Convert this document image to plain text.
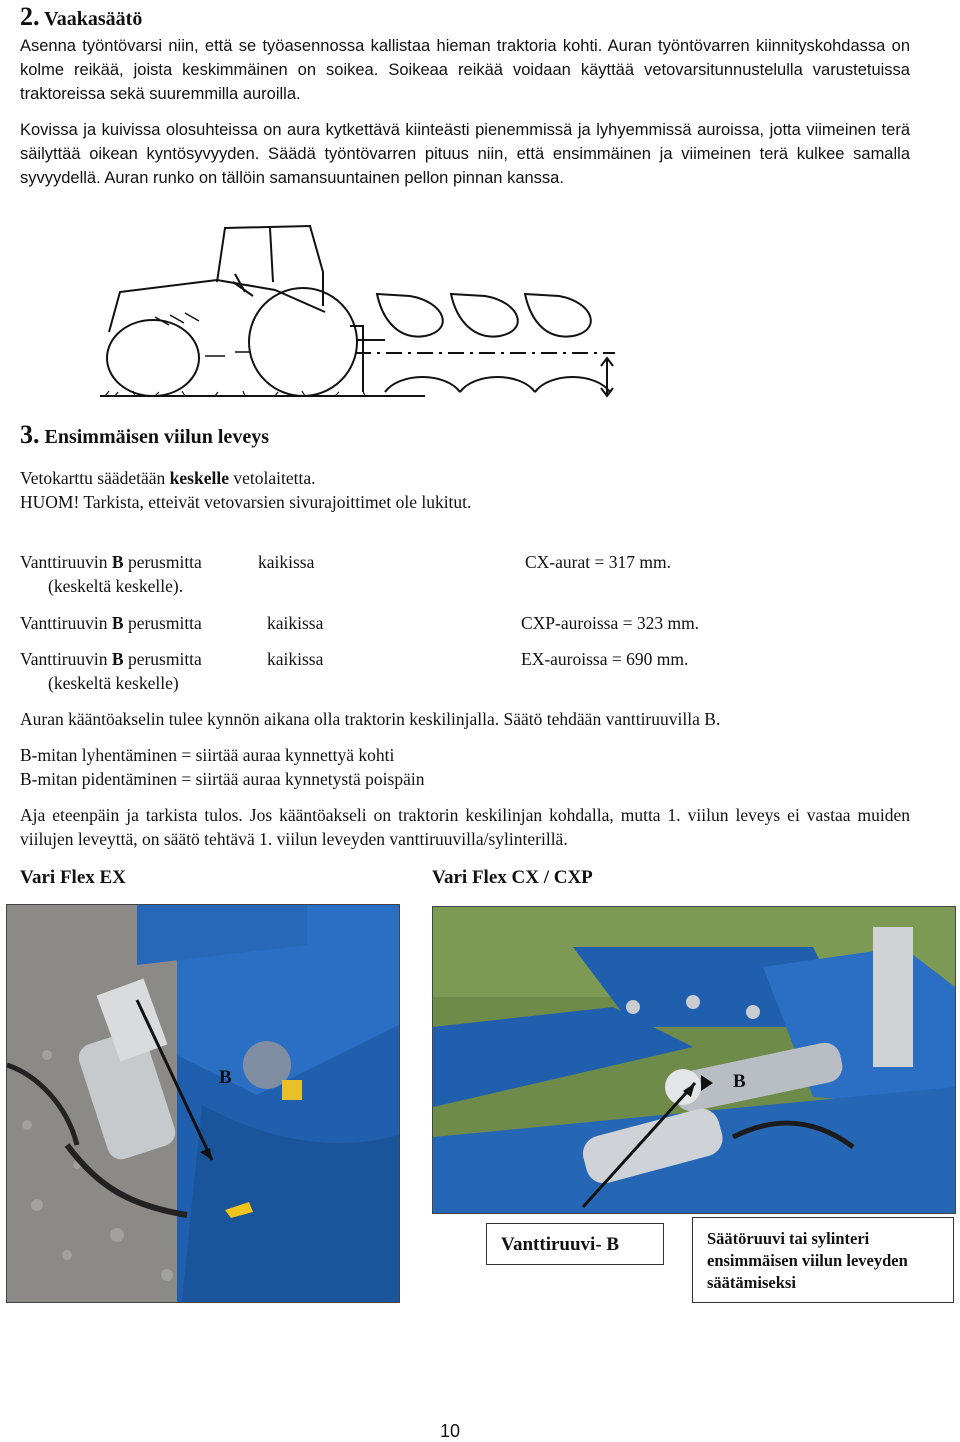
2. Vaakasäätö
Asenna työntövarsi niin, että se työasennossa kallistaa hieman traktoria kohti. Auran työntövarren kiinnityskohdassa on kolme reikää, joista keskimmäinen on soikea. Soikeaa reikää voidaan käyttää vetovarsitunnustelulla varustetuissa traktoreissa sekä suuremmilla auroilla.
Kovissa ja kuivissa olosuhteissa on aura kytkettävä kiinteästi pienemmissä ja lyhyemmissä auroissa, jotta viimeinen terä säilyttää oikean kyntösyvyyden. Säädä työntövarren pituus niin, että ensimmäinen ja viimeinen terä kulkee samalla syvyydellä. Auran runko on tällöin samansuuntainen pellon pinnan kanssa.
3. Ensimmäisen viilun leveys
Vetokarttu säädetään keskelle vetolaitetta.
HUOM! Tarkista, etteivät vetovarsien sivurajoittimet ole lukitut.
Vanttiruuvin B perusmitta	kaikissa	CX-aurat = 317 mm.
(keskeltä keskelle).
Vanttiruuvin B perusmitta	kaikissa	CXP-auroissa = 323 mm.
Vanttiruuvin B perusmitta	kaikissa	EX-auroissa = 690 mm.
(keskeltä keskelle)
Auran kääntöakselin tulee kynnön aikana olla traktorin keskilinjalla. Säätö tehdään vanttiruuvilla B.
B-mitan lyhentäminen = siirtää auraa kynnettyä kohti
B-mitan pidentäminen = siirtää auraa kynnetystä poispäin
Aja eteenpäin ja tarkista tulos. Jos kääntöakseli on traktorin keskilinjan kohdalla, mutta 1. viilun leveys ei vastaa muiden viilujen leveyttä, on säätö tehtävä 1. viilun leveyden vanttiruuvilla/sylinterillä.
Vari Flex EX	Vari Flex CX / CXP
B	B
Vanttiruuvi- B	Säätöruuvi tai sylinteri ensimmäisen viilun leveyden säätämiseksi
10
